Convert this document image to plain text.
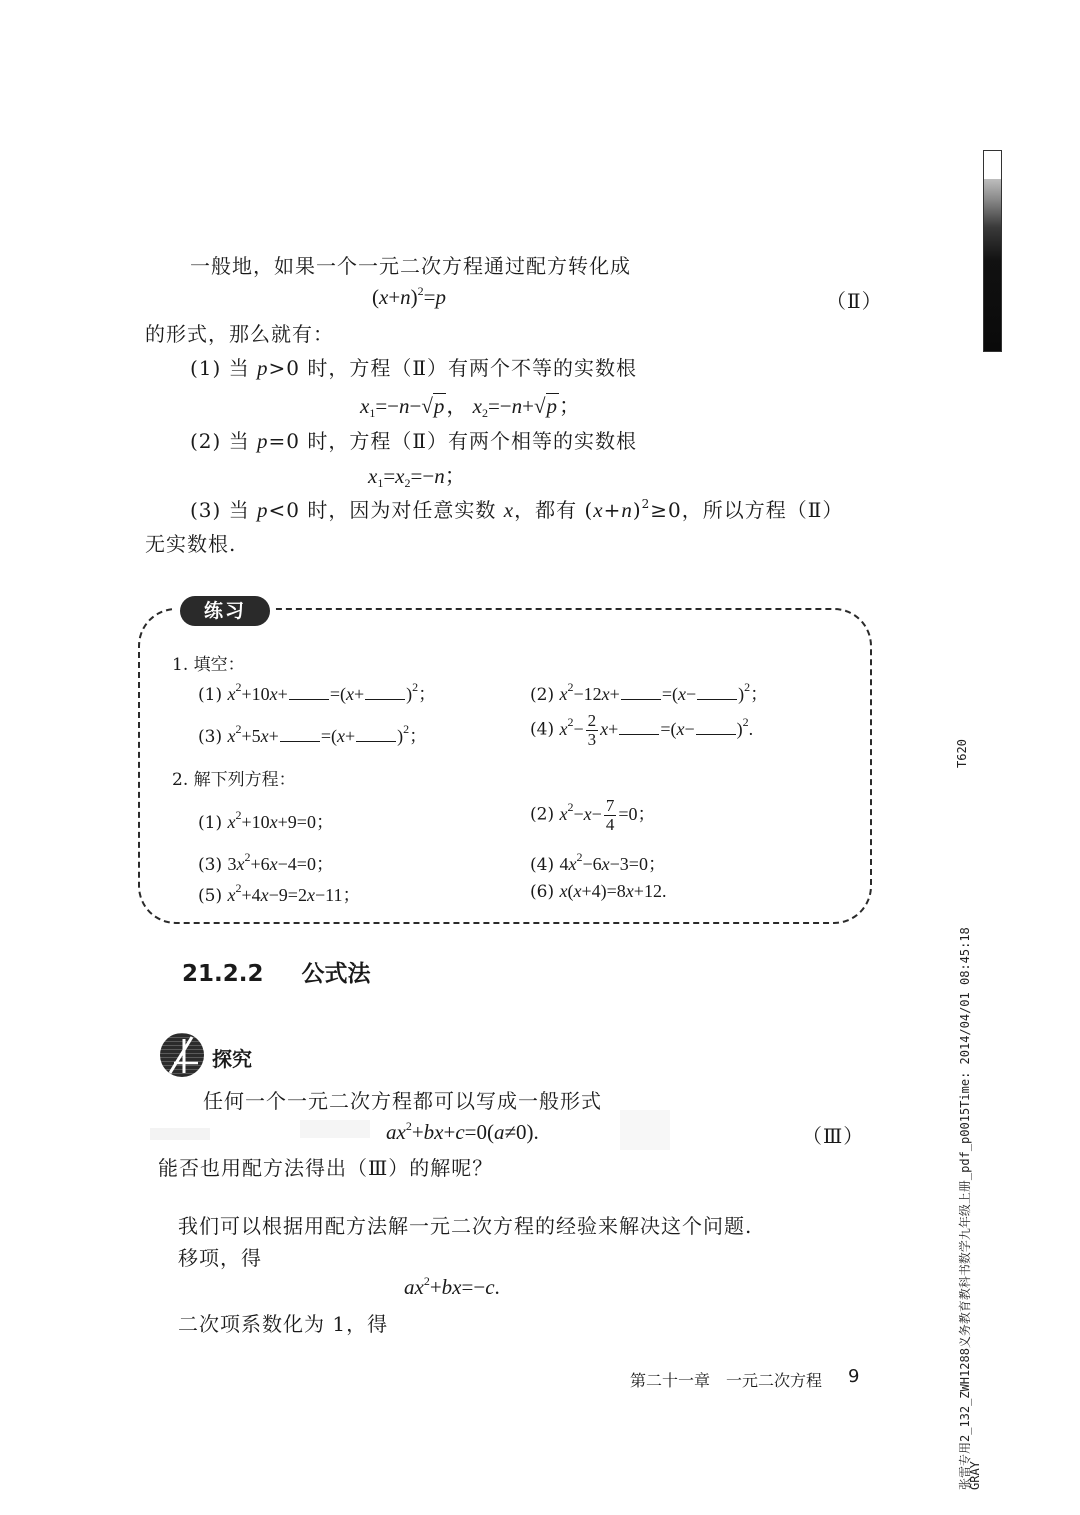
一般地，如果一个一元二次方程通过配方转化成
$(x+n)^2=p$	（Ⅱ）
的形式，那么就有：
(1) 当 p>0 时，方程（Ⅱ）有两个不等的实数根
$x_1=-n-√p$， $x_2=-n+√p$；
(2) 当 p=0 时，方程（Ⅱ）有两个相等的实数根
$x_1=x_2=-n$；
(3) 当 p<0 时，因为对任意实数 x，都有 $(x+n)^2\ge 0$，所以方程（Ⅱ）
无实数根.
练习
1. 填空：
(1) $x^2+10x+ =(x+ )^2$；	(2) $x^2-12x+ =(x- )^2$；
(3) $x^2+5x+ =(x+ )^2$；	(4) $x^2- \frac{2}{3} x+ =(x- )^2$.
2. 解下列方程：
(1) $x^2+10x+9=0$；	(2) $x^2-x- \frac{7}{4} =0$；
(3) $3x^2+6x-4=0$；	(4) $4x^2-6x-3=0$；
(5) $x^2+4x-9=2x-11$；	(6) x(x+4)=8x+12.
21.2.2 公式法
探究
任何一个一元二次方程都可以写成一般形式
$ax^2+bx+c=0(a\ne 0)$.	（Ⅲ）
能否也用配方法得出（Ⅲ）的解呢？
我们可以根据用配方法解一元二次方程的经验来解决这个问题.
移项，得
$ax^2+bx=-c$.
二次项系数化为 1，得
第二十一章　一元二次方程 9
T620
张雷专用2_132_ZWH1288义务教育教科书数学九年级上册_pdf_p0015Time: 2014/04/01 08:45:18
GRAY
